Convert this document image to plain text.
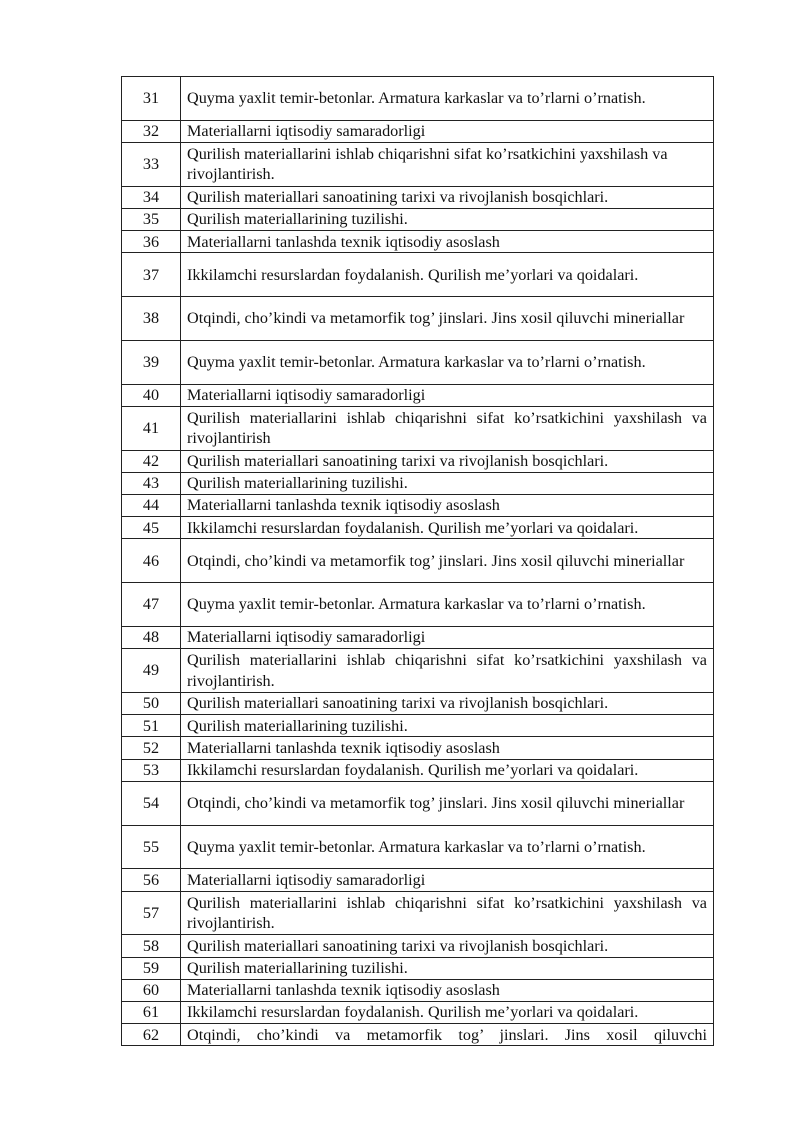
31	Quyma yaxlit temir-betonlar. Armatura karkaslar va to’rlarni o’rnatish.
32	Materiallarni iqtisodiy samaradorligi
33	Qurilish materiallarini ishlab chiqarishni sifat ko’rsatkichini yaxshilash va rivojlantirish.
34	Qurilish materiallari sanoatining tarixi va rivojlanish bosqichlari.
35	Qurilish materiallarining tuzilishi.
36	Materiallarni tanlashda texnik iqtisodiy asoslash
37	Ikkilamchi resurslardan foydalanish. Qurilish me’yorlari va qoidalari.
38	Otqindi, cho’kindi va metamorfik tog’ jinslari. Jins xosil qiluvchi mineriallar
39	Quyma yaxlit temir-betonlar. Armatura karkaslar va to’rlarni o’rnatish.
40	Materiallarni iqtisodiy samaradorligi
41	Qurilish materiallarini ishlab chiqarishni sifat ko’rsatkichini yaxshilash va rivojlantirish
42	Qurilish materiallari sanoatining tarixi va rivojlanish bosqichlari.
43	Qurilish materiallarining tuzilishi.
44	Materiallarni tanlashda texnik iqtisodiy asoslash
45	Ikkilamchi resurslardan foydalanish. Qurilish me’yorlari va qoidalari.
46	Otqindi, cho’kindi va metamorfik tog’ jinslari. Jins xosil qiluvchi mineriallar
47	Quyma yaxlit temir-betonlar. Armatura karkaslar va to’rlarni o’rnatish.
48	Materiallarni iqtisodiy samaradorligi
49	Qurilish materiallarini ishlab chiqarishni sifat ko’rsatkichini yaxshilash va rivojlantirish.
50	Qurilish materiallari sanoatining tarixi va rivojlanish bosqichlari.
51	Qurilish materiallarining tuzilishi.
52	Materiallarni tanlashda texnik iqtisodiy asoslash
53	Ikkilamchi resurslardan foydalanish. Qurilish me’yorlari va qoidalari.
54	Otqindi, cho’kindi va metamorfik tog’ jinslari. Jins xosil qiluvchi mineriallar
55	Quyma yaxlit temir-betonlar. Armatura karkaslar va to’rlarni o’rnatish.
56	Materiallarni iqtisodiy samaradorligi
57	Qurilish materiallarini ishlab chiqarishni sifat ko’rsatkichini yaxshilash va rivojlantirish.
58	Qurilish materiallari sanoatining tarixi va rivojlanish bosqichlari.
59	Qurilish materiallarining tuzilishi.
60	Materiallarni tanlashda texnik iqtisodiy asoslash
61	Ikkilamchi resurslardan foydalanish. Qurilish me’yorlari va qoidalari.
62	Otqindi, cho’kindi va metamorfik tog’ jinslari. Jins xosil qiluvchi
